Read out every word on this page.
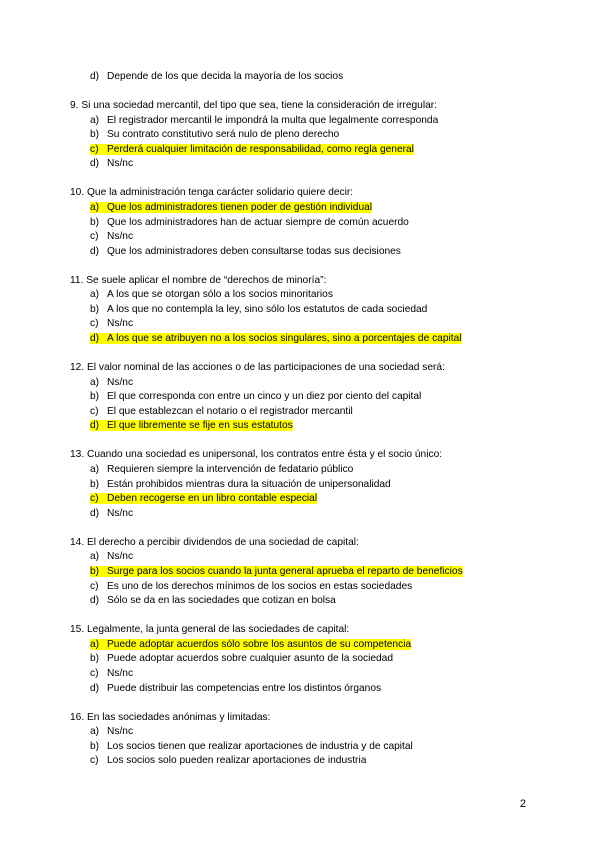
d) Depende de los que decida la mayoría de los socios
9. Si una sociedad mercantil, del tipo que sea, tiene la consideración de irregular:
a) El registrador mercantil le impondrá la multa que legalmente corresponda
b) Su contrato constitutivo será nulo de pleno derecho
c) Perderá cualquier limitación de responsabilidad, como regla general
d) Ns/nc
10. Que la administración tenga carácter solidario quiere decir:
a) Que los administradores tienen poder de gestión individual
b) Que los administradores han de actuar siempre de común acuerdo
c) Ns/nc
d) Que los administradores deben consultarse todas sus decisiones
11. Se suele aplicar el nombre de “derechos de minoría”:
a) A los que se otorgan sólo a los socios minoritarios
b) A los que no contempla la ley, sino sólo los estatutos de cada sociedad
c) Ns/nc
d) A los que se atribuyen no a los socios singulares, sino a porcentajes de capital
12. El valor nominal de las acciones o de las participaciones de una sociedad será:
a) Ns/nc
b) El que corresponda con entre un cinco y un diez por ciento del capital
c) El que establezcan el notario o el registrador mercantil
d) El que libremente se fije en sus estatutos
13. Cuando una sociedad es unipersonal, los contratos entre ésta y el socio único:
a) Requieren siempre la intervención de fedatario público
b) Están prohibidos mientras dura la situación de unipersonalidad
c) Deben recogerse en un libro contable especial
d) Ns/nc
14. El derecho a percibir dividendos de una sociedad de capital:
a) Ns/nc
b) Surge para los socios cuando la junta general aprueba el reparto de beneficios
c) Es uno de los derechos mínimos de los socios en estas sociedades
d) Sólo se da en las sociedades que cotizan en bolsa
15. Legalmente, la junta general de las sociedades de capital:
a) Puede adoptar acuerdos sólo sobre los asuntos de su competencia
b) Puede adoptar acuerdos sobre cualquier asunto de la sociedad
c) Ns/nc
d) Puede distribuir las competencias entre los distintos órganos
16. En las sociedades anónimas y limitadas:
a) Ns/nc
b) Los socios tienen que realizar aportaciones de industria y de capital
c) Los socios solo pueden realizar aportaciones de industria
2
